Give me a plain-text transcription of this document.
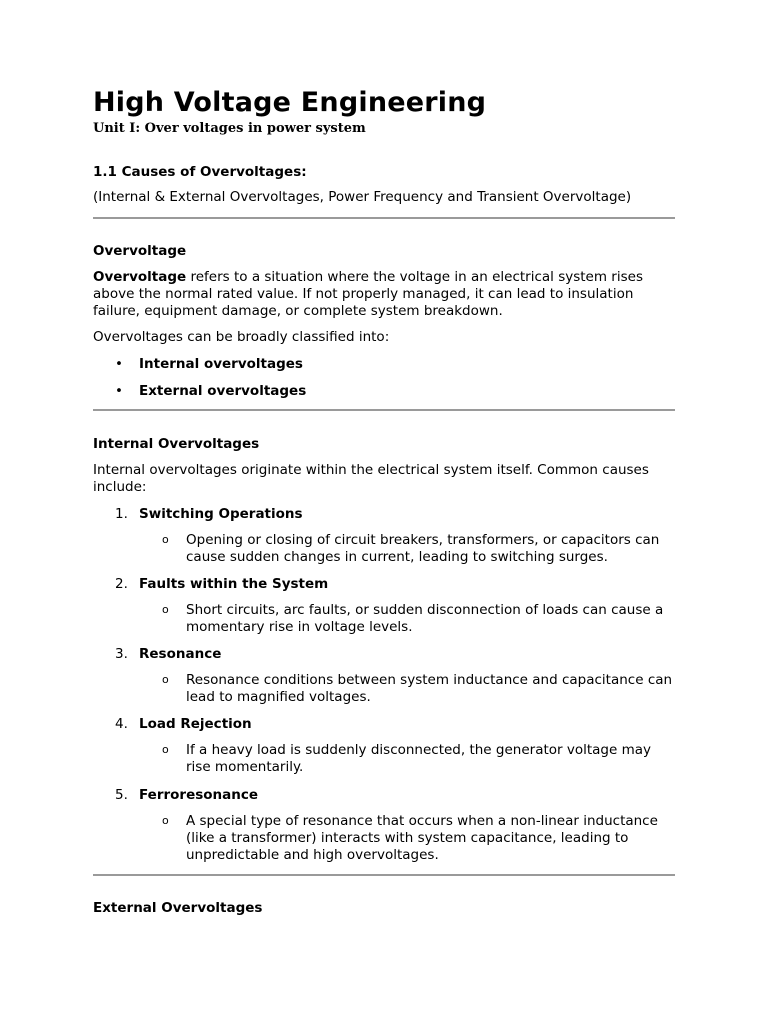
High Voltage Engineering
Unit I: Over voltages in power system
1.1 Causes of Overvoltages:
(Internal & External Overvoltages, Power Frequency and Transient Overvoltage)
Overvoltage
Overvoltage refers to a situation where the voltage in an electrical system rises above the normal rated value. If not properly managed, it can lead to insulation failure, equipment damage, or complete system breakdown.
Overvoltages can be broadly classified into:
• Internal overvoltages
• External overvoltages
Internal Overvoltages
Internal overvoltages originate within the electrical system itself. Common causes include:
1. Switching Operations
o Opening or closing of circuit breakers, transformers, or capacitors can cause sudden changes in current, leading to switching surges.
2. Faults within the System
o Short circuits, arc faults, or sudden disconnection of loads can cause a momentary rise in voltage levels.
3. Resonance
o Resonance conditions between system inductance and capacitance can lead to magnified voltages.
4. Load Rejection
o If a heavy load is suddenly disconnected, the generator voltage may rise momentarily.
5. Ferroresonance
o A special type of resonance that occurs when a non-linear inductance (like a transformer) interacts with system capacitance, leading to unpredictable and high overvoltages.
External Overvoltages
